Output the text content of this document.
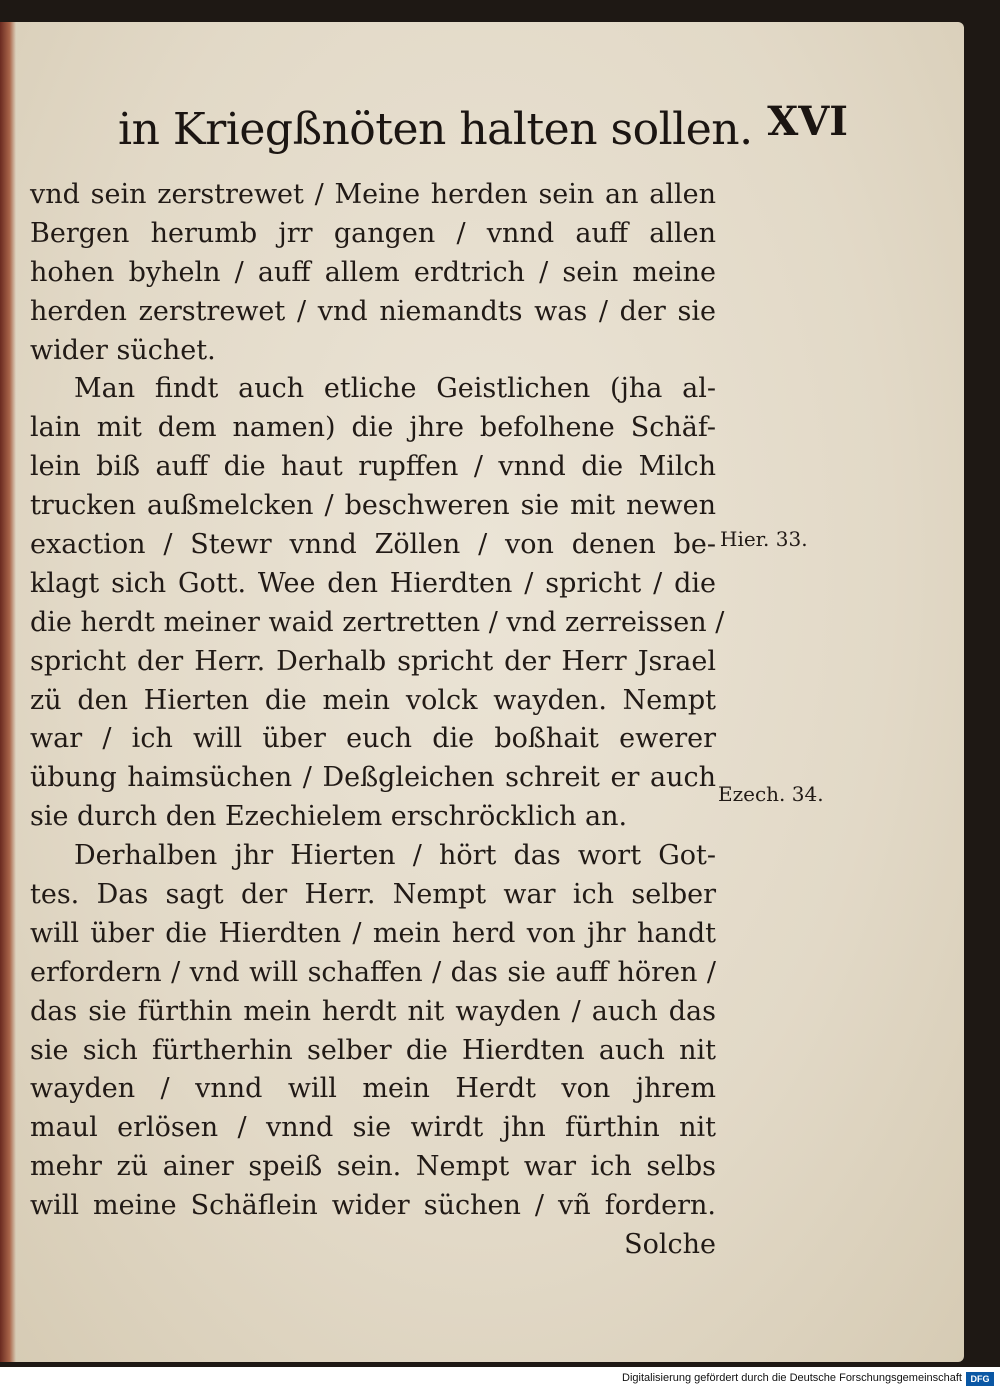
in Kriegßnöten halten sollen. XVI
vnd sein zerstrewet / Meine herden sein an allen
Bergen herumb jrr gangen / vnnd auff allen
hohen byheln / auff allem erdtrich / sein meine
herden zerstrewet / vnd niemandts was / der sie
wider süchet.
Man findt auch etliche Geistlichen (jha al-
lain mit dem namen) die jhre befolhene Schäf-
lein biß auff die haut rupffen / vnnd die Milch
trucken außmelcken / beschweren sie mit newen
exaction / Stewr vnnd Zöllen / von denen be-
klagt sich Gott. Wee den Hierdten / spricht / die
die herdt meiner waid zertretten / vnd zerreissen /
spricht der Herr. Derhalb spricht der Herr Jsrael
zü den Hierten die mein volck wayden. Nempt
war / ich will über euch die boßhait ewerer
übung haimsüchen / Deßgleichen schreit er auch
sie durch den Ezechielem erschröcklich an.
Derhalben jhr Hierten / hört das wort Got-
tes. Das sagt der Herr. Nempt war ich selber
will über die Hierdten / mein herd von jhr handt
erfordern / vnd will schaffen / das sie auff hören /
das sie fürthin mein herdt nit wayden / auch das
sie sich fürtherhin selber die Hierdten auch nit
wayden / vnnd will mein Herdt von jhrem
maul erlösen / vnnd sie wirdt jhn fürthin nit
mehr zü ainer speiß sein. Nempt war ich selbs
will meine Schäflein wider süchen / vñ fordern.
Solche
Hier. 33.
Ezech. 34.
Digitalisierung gefördert durch die Deutsche Forschungsgemeinschaft DFG
